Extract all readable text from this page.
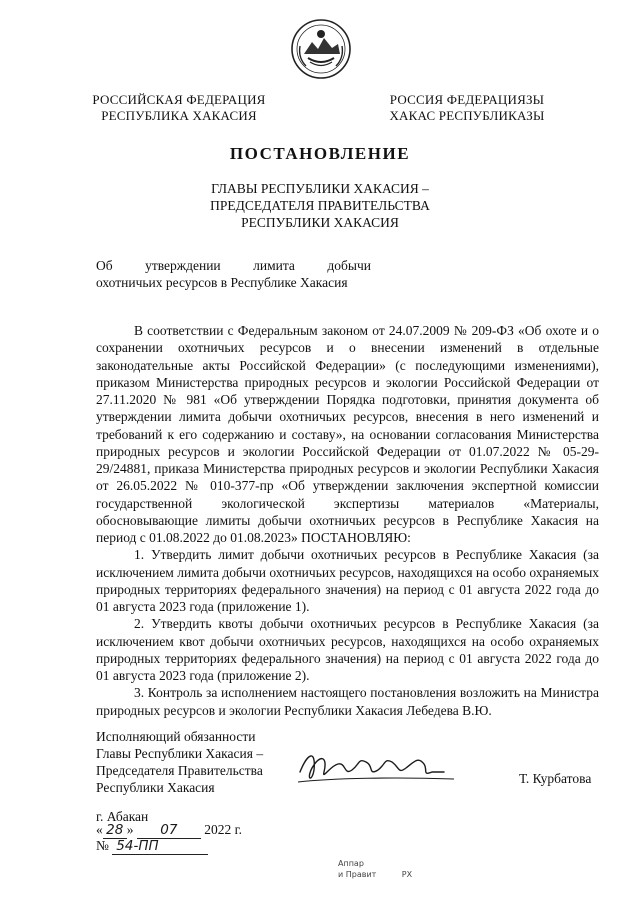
РОССИЙСКАЯ ФЕДЕРАЦИЯ
РЕСПУБЛИКА ХАКАСИЯ
РОССИЯ ФЕДЕРАЦИЯЗЫ
ХАКАС РЕСПУБЛИКАЗЫ
ПОСТАНОВЛЕНИЕ
ГЛАВЫ РЕСПУБЛИКИ ХАКАСИЯ –
ПРЕДСЕДАТЕЛЯ ПРАВИТЕЛЬСТВА
РЕСПУБЛИКИ ХАКАСИЯ
Об утверждении лимита добычи
охотничьих ресурсов в Республике Хакасия

В соответствии с Федеральным законом от 24.07.2009 № 209-ФЗ «Об охоте и о сохранении охотничьих ресурсов и о внесении изменений в отдельные законодательные акты Российской Федерации» (с последующими изменениями), приказом Министерства природных ресурсов и экологии Российской Федерации от 27.11.2020 № 981 «Об утверждении Порядка подготовки, принятия документа об утверждении лимита добычи охотничьих ресурсов, внесения в него изменений и требований к его содержанию и составу», на основании согласования Министерства природных ресурсов и экологии Российской Федерации от 01.07.2022 № 05-29-29/24881, приказа Министерства природных ресурсов и экологии Республики Хакасия от 26.05.2022 № 010-377-пр «Об утверждении заключения экспертной комиссии государственной экологической экспертизы материалов «Материалы, обосновывающие лимиты добычи охотничьих ресурсов в Республике Хакасия на период с 01.08.2022 до 01.08.2023» ПОСТАНОВЛЯЮ:

1. Утвердить лимит добычи охотничьих ресурсов в Республике Хакасия (за исключением лимита добычи охотничьих ресурсов, находящихся на особо охраняемых природных территориях федерального значения) на период с 01 августа 2022 года до 01 августа 2023 года (приложение 1).

2. Утвердить квоты добычи охотничьих ресурсов в Республике Хакасия (за исключением квот добычи охотничьих ресурсов, находящихся на особо охраняемых природных территориях федерального значения) на период с 01 августа 2022 года до 01 августа 2023 года (приложение 2).

3. Контроль за исполнением настоящего постановления возложить на Министра природных ресурсов и экологии Республики Хакасия Лебедева В.Ю.

Исполняющий обязанности
Главы Республики Хакасия –
Председателя Правительства
Республики Хакасия
Т. Курбатова
г. Абакан
« 28 » 07 2022 г.
№ 54-ПП
Аппар
и Правит          РХ
